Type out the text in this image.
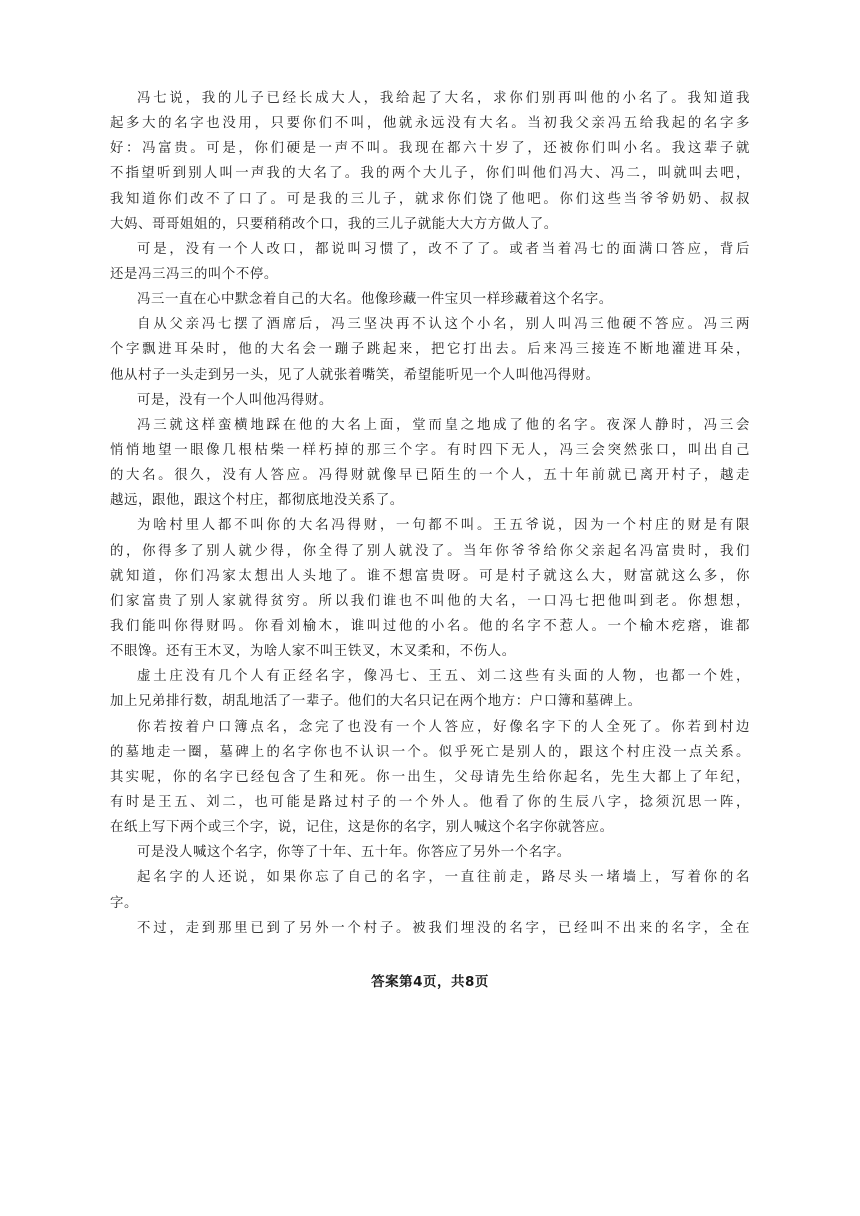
冯七说，我的儿子已经长成大人，我给起了大名，求你们别再叫他的小名了。我知道我
起多大的名字也没用，只要你们不叫，他就永远没有大名。当初我父亲冯五给我起的名字多
好：冯富贵。可是，你们硬是一声不叫。我现在都六十岁了，还被你们叫小名。我这辈子就
不指望听到别人叫一声我的大名了。我的两个大儿子，你们叫他们冯大、冯二，叫就叫去吧，
我知道你们改不了口了。可是我的三儿子，就求你们饶了他吧。你们这些当爷爷奶奶、叔叔
大妈、哥哥姐姐的，只要稍稍改个口，我的三儿子就能大大方方做人了。
可是，没有一个人改口，都说叫习惯了，改不了了。或者当着冯七的面满口答应，背后
还是冯三冯三的叫个不停。
冯三一直在心中默念着自己的大名。他像珍藏一件宝贝一样珍藏着这个名字。
自从父亲冯七摆了酒席后，冯三坚决再不认这个小名，别人叫冯三他硬不答应。冯三两
个字飘进耳朵时，他的大名会一蹦子跳起来，把它打出去。后来冯三接连不断地灌进耳朵，
他从村子一头走到另一头，见了人就张着嘴笑，希望能听见一个人叫他冯得财。
可是，没有一个人叫他冯得财。
冯三就这样蛮横地踩在他的大名上面，堂而皇之地成了他的名字。夜深人静时，冯三会
悄悄地望一眼像几根枯柴一样朽掉的那三个字。有时四下无人，冯三会突然张口，叫出自己
的大名。很久，没有人答应。冯得财就像早已陌生的一个人，五十年前就已离开村子，越走
越远，跟他，跟这个村庄，都彻底地没关系了。
为啥村里人都不叫你的大名冯得财，一句都不叫。王五爷说，因为一个村庄的财是有限
的，你得多了别人就少得，你全得了别人就没了。当年你爷爷给你父亲起名冯富贵时，我们
就知道，你们冯家太想出人头地了。谁不想富贵呀。可是村子就这么大，财富就这么多，你
们家富贵了别人家就得贫穷。所以我们谁也不叫他的大名，一口冯七把他叫到老。你想想，
我们能叫你得财吗。你看刘榆木，谁叫过他的小名。他的名字不惹人。一个榆木疙瘩，谁都
不眼馋。还有王木叉，为啥人家不叫王铁叉，木叉柔和，不伤人。
虚土庄没有几个人有正经名字，像冯七、王五、刘二这些有头面的人物，也都一个姓，
加上兄弟排行数，胡乱地活了一辈子。他们的大名只记在两个地方：户口簿和墓碑上。
你若按着户口簿点名，念完了也没有一个人答应，好像名字下的人全死了。你若到村边
的墓地走一圈，墓碑上的名字你也不认识一个。似乎死亡是别人的，跟这个村庄没一点关系。
其实呢，你的名字已经包含了生和死。你一出生，父母请先生给你起名，先生大都上了年纪，
有时是王五、刘二，也可能是路过村子的一个外人。他看了你的生辰八字，捻须沉思一阵，
在纸上写下两个或三个字，说，记住，这是你的名字，别人喊这个名字你就答应。
可是没人喊这个名字，你等了十年、五十年。你答应了另外一个名字。
起名字的人还说，如果你忘了自己的名字，一直往前走，路尽头一堵墙上，写着你的名
字。
不过，走到那里已到了另外一个村子。被我们埋没的名字，已经叫不出来的名字，全在
答案第4页，共8页
